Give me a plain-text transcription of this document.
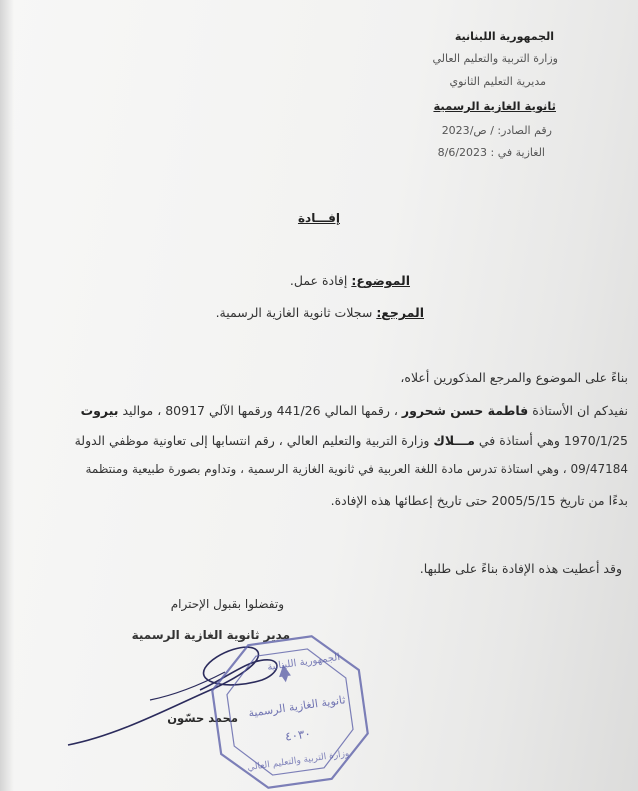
الجمهورية اللبنانية
وزارة التربية والتعليم العالي
مديرية التعليم الثانوي
ثانوية الغازية الرسمية
رقم الصادر: / ص/2023
الغازية في : 8/6/2023
إفـــادة
الموضوع: إفادة عمل.
المرجع: سجلات ثانوية الغازية الرسمية.
بناءً على الموضوع والمرجع المذكورين أعلاه،
نفيدكم ان الأستاذة فاطمة حسن شحرور ، رقمها المالي 441/26 ورقمها الآلي 80917 ، مواليد بيروت
1970/1/25 وهي أستاذة في مـــلاك وزارة التربية والتعليم العالي ، رقم انتسابها إلى تعاونية موظفي الدولة
09/47184 ، وهي استاذة تدرس مادة اللغة العربية في ثانوية الغازية الرسمية ، وتداوم بصورة طبيعية ومنتظمة
بدءًا من تاريخ 2005/5/15 حتى تاريخ إعطائها هذه الإفادة.
وقد أعطيت هذه الإفادة بناءً على طلبها.
وتفضلوا بقبول الإحترام
مدير ثانوية الغازية الرسمية
محمد حسّون
الجمهورية اللبنانية
ثانوية الغازية الرسمية
٤٠٣٠
وزارة التربية والتعليم العالي
